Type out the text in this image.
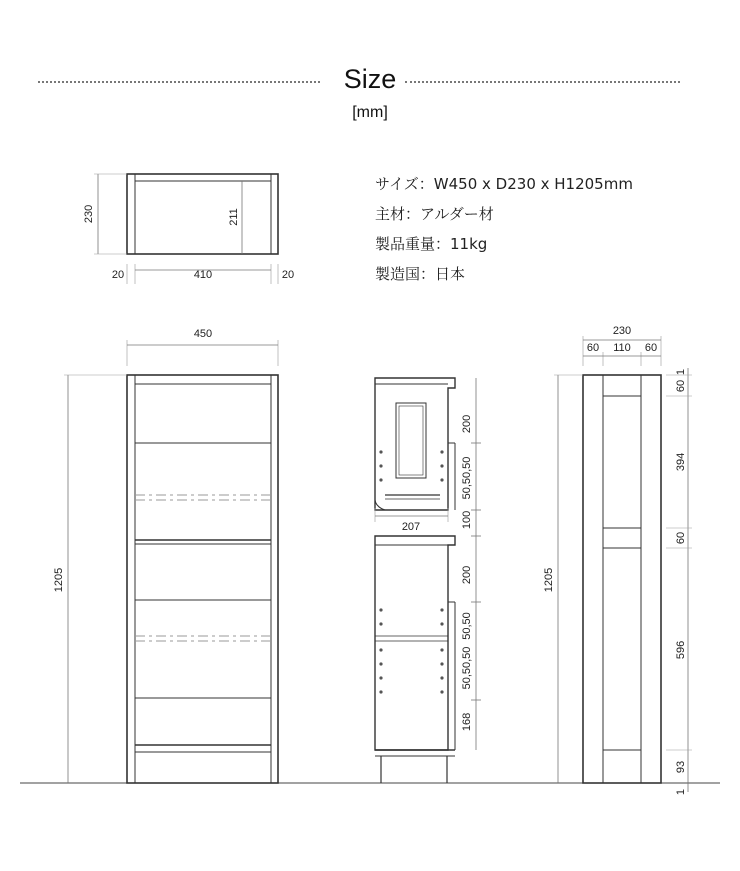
Size
[mm]
サイズ：W450 x D230 x H1205mm
主材：アルダー材
製品重量：11kg
製造国：日本
230	211
20	410	20
450
1205
207
200
50,50,50
100
200
50,50
50,50,50
168
230
60 110 60
1205
1
60
394
60
596
93
1
